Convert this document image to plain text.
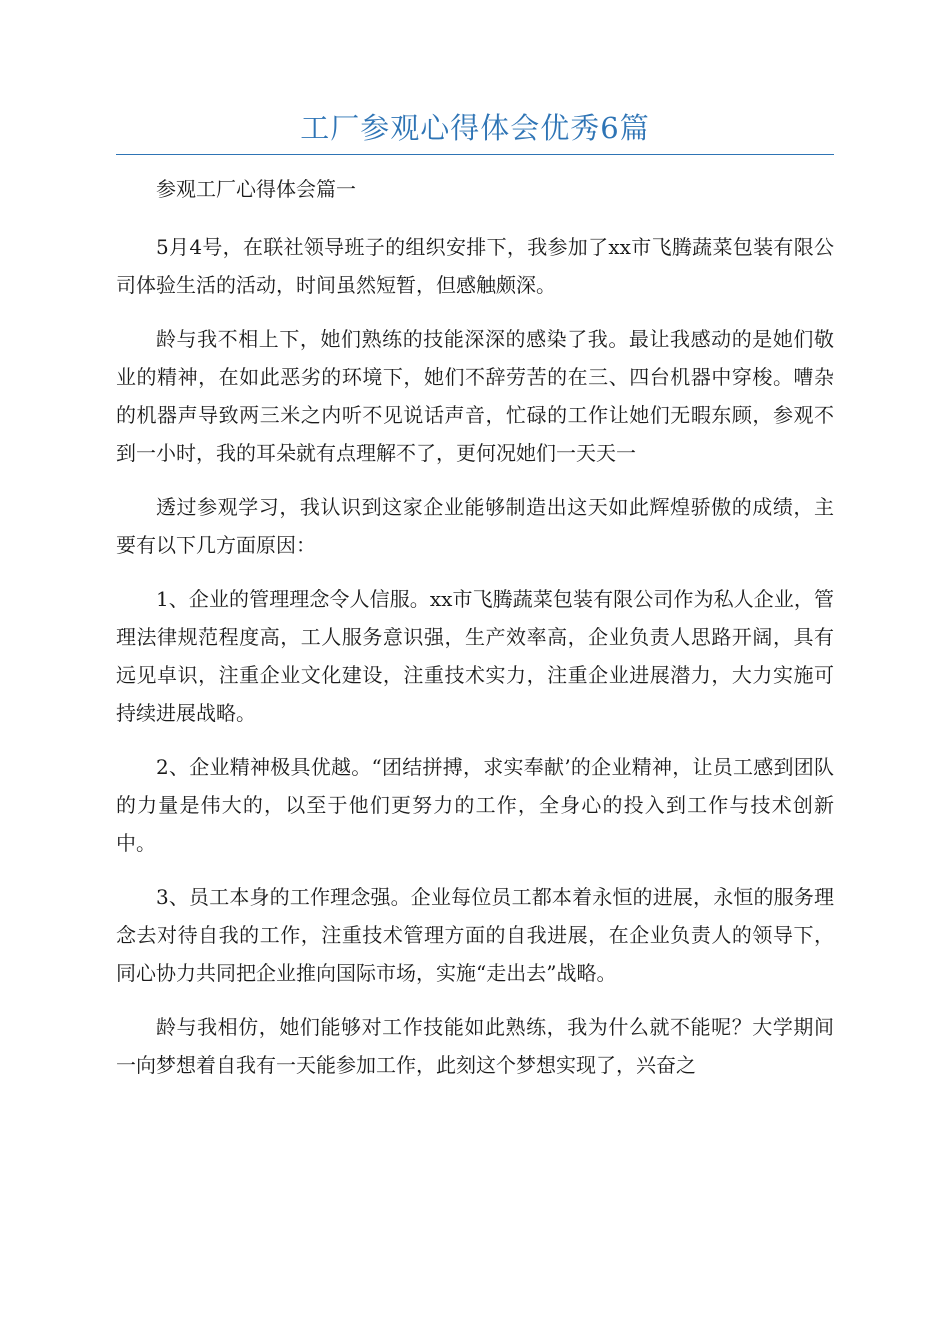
工厂参观心得体会优秀6篇

参观工厂心得体会篇一

5月4号，在联社领导班子的组织安排下，我参加了xx市飞腾蔬菜包装有限公司体验生活的活动，时间虽然短暂，但感触颇深。

龄与我不相上下，她们熟练的技能深深的感染了我。最让我感动的是她们敬业的精神，在如此恶劣的环境下，她们不辞劳苦的在三、四台机器中穿梭。嘈杂的机器声导致两三米之内听不见说话声音，忙碌的工作让她们无暇东顾，参观不到一小时，我的耳朵就有点理解不了，更何况她们一天天一

透过参观学习，我认识到这家企业能够制造出这天如此辉煌骄傲的成绩，主要有以下几方面原因：

1、企业的管理理念令人信服。xx市飞腾蔬菜包装有限公司作为私人企业，管理法律规范程度高，工人服务意识强，生产效率高，企业负责人思路开阔，具有远见卓识，注重企业文化建设，注重技术实力，注重企业进展潜力，大力实施可持续进展战略。

2、企业精神极具优越。“团结拼搏，求实奉献’的企业精神，让员工感到团队的力量是伟大的，以至于他们更努力的工作，全身心的投入到工作与技术创新中。

3、员工本身的工作理念强。企业每位员工都本着永恒的进展，永恒的服务理念去对待自我的工作，注重技术管理方面的自我进展，在企业负责人的领导下，同心协力共同把企业推向国际市场，实施“走出去”战略。

龄与我相仿，她们能够对工作技能如此熟练，我为什么就不能呢？大学期间一向梦想着自我有一天能参加工作，此刻这个梦想实现了，兴奋之
